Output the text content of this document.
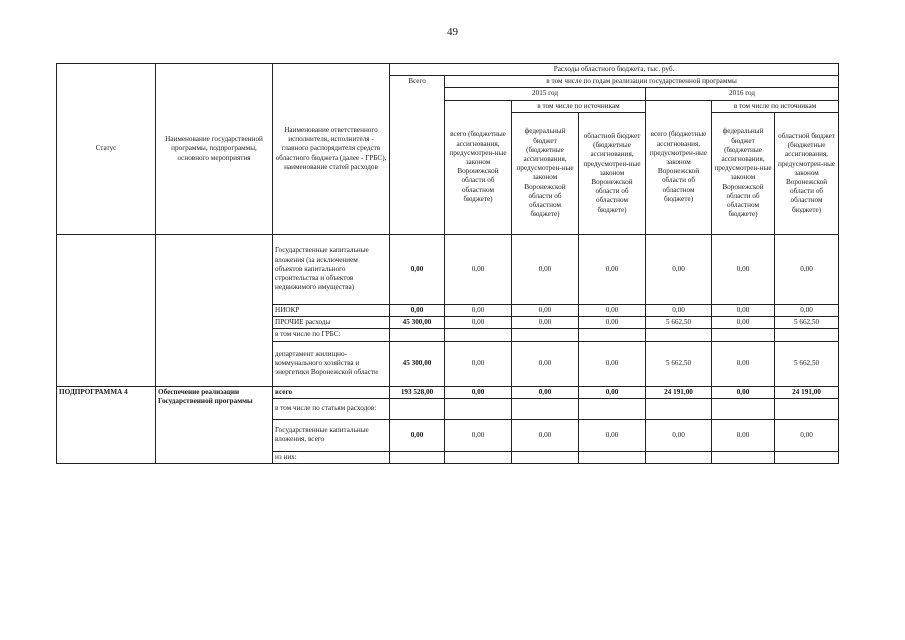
49
Статус	Наименование государственной программы, подпрограммы, основного мероприятия	Наименование ответственного исполнителя, исполнителя - главного распорядителя средств областного бюджета (далее - ГРБС), наименование статей расходов	Расходы областного бюджета, тыс. руб.						
			Всего	в том числе по годам реализации государственной программы					
				2015 год			2016 год		
				всего (бюджетные ассигнования, предусмотрен-ные законом Воронежской области об областном бюджете)	в том числе по источникам		всего (бюджетные ассигнования, предусмотрен-ные законом Воронежской области об областном бюджете)	в том числе по источникам	
					федеральный бюджет (бюджетные ассигнования, предусмотрен-ные законом Воронежской области об областном бюджете)	областной бюджет (бюджетные ассигнования, предусмотрен-ные законом Воронежской области об областном бюджете)		федеральный бюджет (бюджетные ассигнования, предусмотрен-ные законом Воронежской области об областном бюджете)	областной бюджет (бюджетные ассигнования, предусмотрен-ные законом Воронежской области об областном бюджете)

		Государственные капитальные вложения (за исключением объектов капитального строительства и объектов недвижимого имущества)	0,00	0,00	0,00	0,00	0,00	0,00	0,00
		НИОКР	0,00	0,00	0,00	0,00	0,00	0,00	0,00
		ПРОЧИЕ расходы	45 300,00	0,00	0,00	0,00	5 662,50	0,00	5 662,50
		в том числе по ГРБС:							
		департамент жилищно-коммунального хозяйства и энергетики Воронежской области	45 300,00	0,00	0,00	0,00	5 662,50	0,00	5 662,50
ПОДПРОГРАММА 4	Обеспечение реализации Государственной программы	всего	193 528,00	0,00	0,00	0,00	24 191,00	0,00	24 191,00
		в том числе по статьям расходов:							
		Государственные капитальные вложения, всего	0,00	0,00	0,00	0,00	0,00	0,00	0,00
		из них:							
